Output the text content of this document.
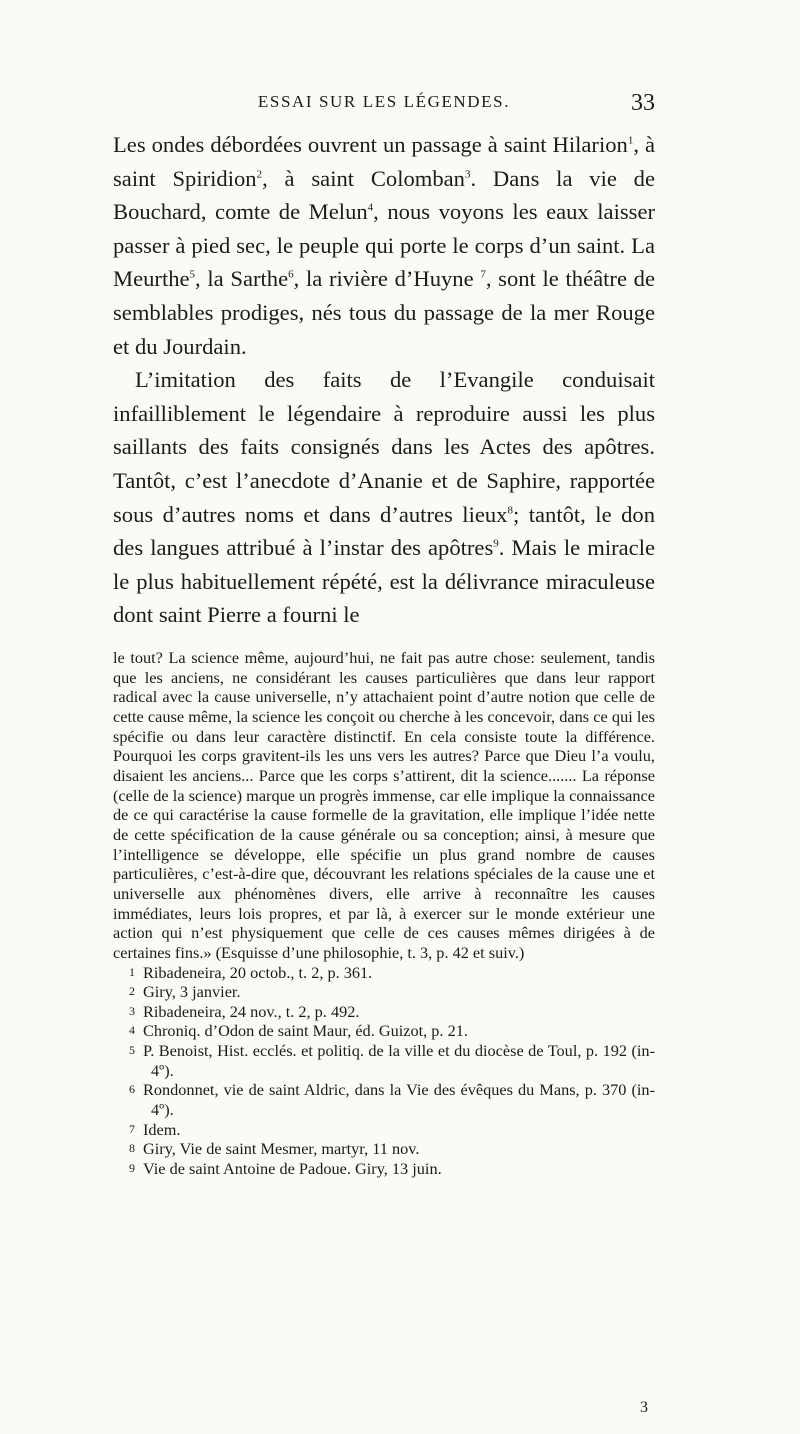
ESSAI SUR LES LÉGENDES.	33

Les ondes débordées ouvrent un passage à saint Hilarion$^1$, à saint Spiridion$^2$, à saint Colomban$^3$. Dans la vie de Bouchard, comte de Melun$^4$, nous voyons les eaux laisser passer à pied sec, le peuple qui porte le corps d’un saint. La Meurthe$^5$, la Sarthe$^6$, la rivière d’Huyne $^7$, sont le théâtre de semblables prodiges, nés tous du passage de la mer Rouge et du Jourdain.

L’imitation des faits de l’Evangile conduisait infailliblement le légendaire à reproduire aussi les plus saillants des faits consignés dans les Actes des apôtres. Tantôt, c’est l’anecdote d’Ananie et de Saphire, rapportée sous d’autres noms et dans d’autres lieux$^8$; tantôt, le don des langues attribué à l’instar des apôtres$^9$. Mais le miracle le plus habituellement répété, est la délivrance miraculeuse dont saint Pierre a fourni le

le tout? La science même, aujourd’hui, ne fait pas autre chose: seulement, tandis que les anciens, ne considérant les causes particulières que dans leur rapport radical avec la cause universelle, n’y attachaient point d’autre notion que celle de cette cause même, la science les conçoit ou cherche à les concevoir, dans ce qui les spécifie ou dans leur caractère distinctif. En cela consiste toute la différence. Pourquoi les corps gravitent-ils les uns vers les autres? Parce que Dieu l’a voulu, disaient les anciens... Parce que les corps s’attirent, dit la science....... La réponse (celle de la science) marque un progrès immense, car elle implique la connaissance de ce qui caractérise la cause formelle de la gravitation, elle implique l’idée nette de cette spécification de la cause générale ou sa conception; ainsi, à mesure que l’intelligence se développe, elle spécifie un plus grand nombre de causes particulières, c’est-à-dire que, découvrant les relations spéciales de la cause une et universelle aux phénomènes divers, elle arrive à reconnaître les causes immédiates, leurs lois propres, et par là, à exercer sur le monde extérieur une action qui n’est physiquement que celle de ces causes mêmes dirigées à de certaines fins.» (Esquisse d’une philosophie, t. 3, p. 42 et suiv.)

1 Ribadeneira, 20 octob., t. 2, p. 361.
2 Giry, 3 janvier.
3 Ribadeneira, 24 nov., t. 2, p. 492.
4 Chroniq. d’Odon de saint Maur, éd. Guizot, p. 21.
5 P. Benoist, Hist. ecclés. et politiq. de la ville et du diocèse de Toul, p. 192 (in-4º).
6 Rondonnet, vie de saint Aldric, dans la Vie des évêques du Mans, p. 370 (in-4º).
7 Idem.
8 Giry, Vie de saint Mesmer, martyr, 11 nov.
9 Vie de saint Antoine de Padoue. Giry, 13 juin.
3
